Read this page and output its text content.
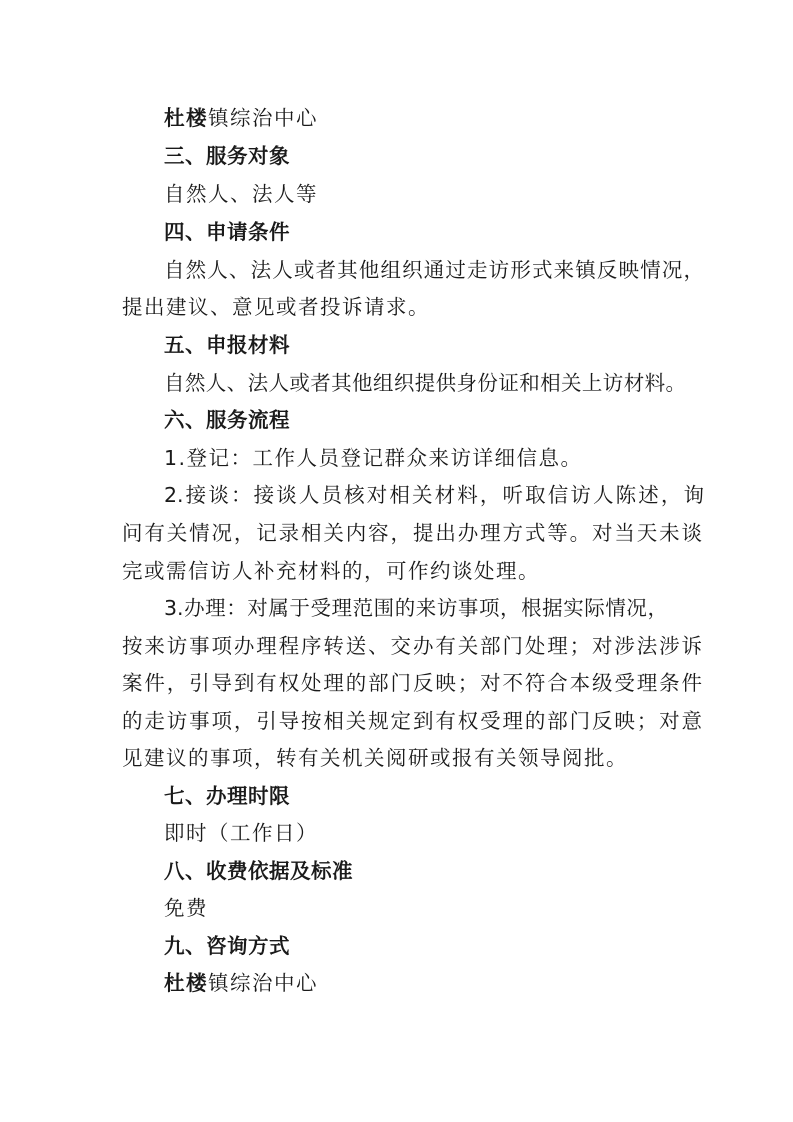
杜楼镇综治中心
三、服务对象
自然人、法人等
四、申请条件
自然人、法人或者其他组织通过走访形式来镇反映情况，
提出建议、意见或者投诉请求。
五、申报材料
自然人、法人或者其他组织提供身份证和相关上访材料。
六、服务流程
1.登记：工作人员登记群众来访详细信息。
2.接谈：接谈人员核对相关材料，听取信访人陈述，询
问有关情况，记录相关内容，提出办理方式等。对当天未谈
完或需信访人补充材料的，可作约谈处理。
3.办理：对属于受理范围的来访事项，根据实际情况，
按来访事项办理程序转送、交办有关部门处理；对涉法涉诉
案件，引导到有权处理的部门反映；对不符合本级受理条件
的走访事项，引导按相关规定到有权受理的部门反映；对意
见建议的事项，转有关机关阅研或报有关领导阅批。
七、办理时限
即时（工作日）
八、收费依据及标准
免费
九、咨询方式
杜楼镇综治中心
